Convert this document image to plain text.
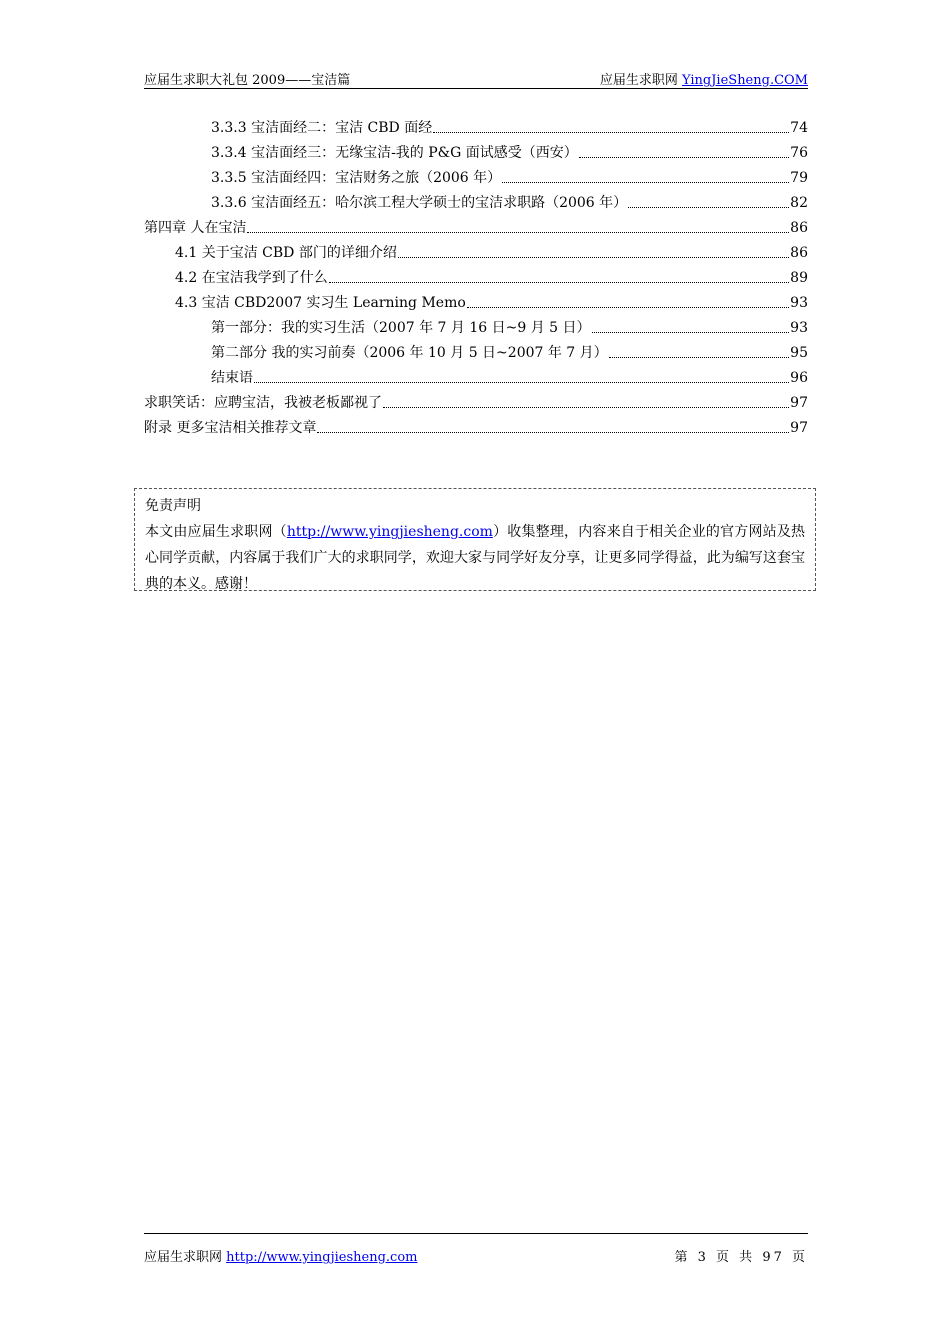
应届生求职大礼包 2009——宝洁篇	应届生求职网 YingJieSheng.COM
3.3.3 宝洁面经二：宝洁 CBD 面经	74
3.3.4 宝洁面经三：无缘宝洁-我的 P&G 面试感受（西安）	76
3.3.5 宝洁面经四：宝洁财务之旅（2006 年）	79
3.3.6 宝洁面经五：哈尔滨工程大学硕士的宝洁求职路（2006 年）	82
第四章 人在宝洁	86
4.1 关于宝洁 CBD 部门的详细介绍	86
4.2 在宝洁我学到了什么	89
4.3 宝洁 CBD2007 实习生 Learning Memo	93
第一部分：我的实习生活（2007 年 7 月 16 日~9 月 5 日）	93
第二部分 我的实习前奏（2006 年 10 月 5 日~2007 年 7 月）	95
结束语	96
求职笑话：应聘宝洁，我被老板鄙视了	97
附录 更多宝洁相关推荐文章	97
免责声明
本文由应届生求职网（http://www.yingjiesheng.com）收集整理，内容来自于相关企业的官方网站及热心同学贡献，内容属于我们广大的求职同学，欢迎大家与同学好友分享，让更多同学得益，此为编写这套宝典的本义。感谢！
应届生求职网 http://www.yingjiesheng.com	第 3 页 共 97 页
